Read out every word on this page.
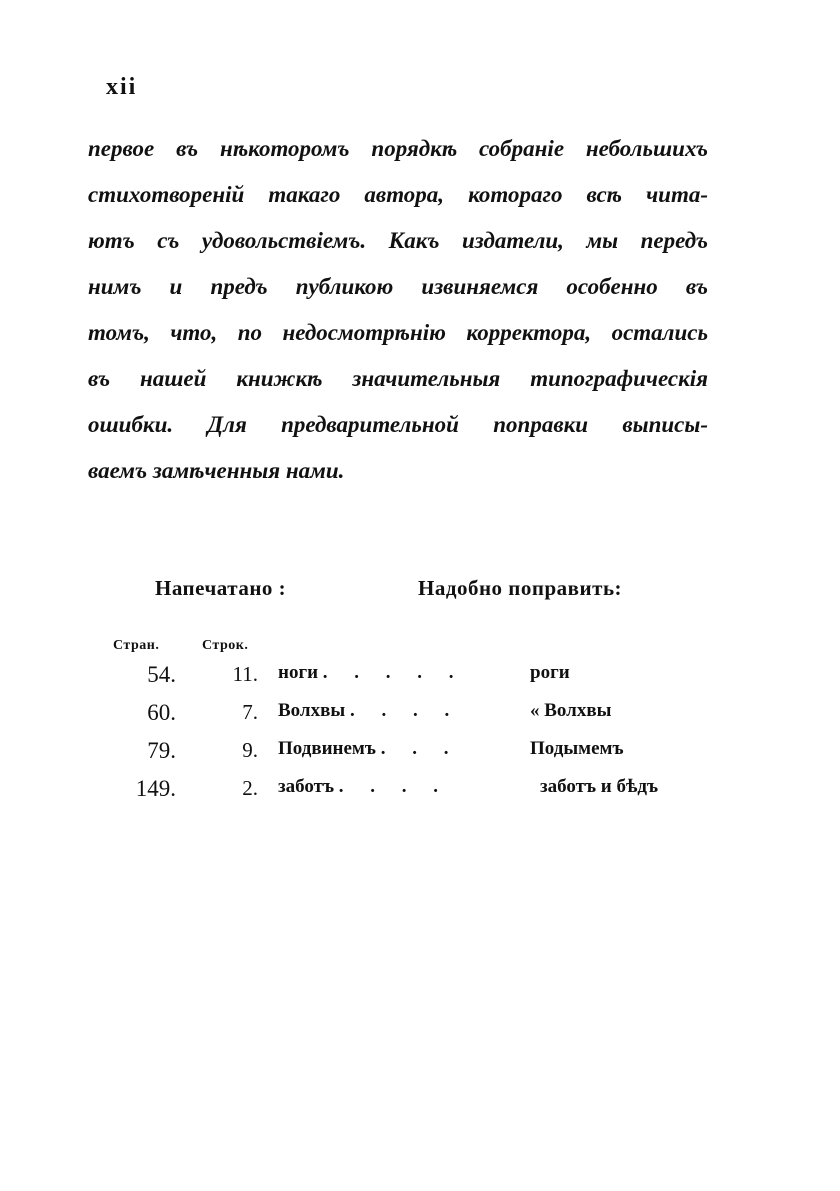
xii
первое въ нѣкоторомъ порядкѣ собраніе небольшихъ
стихотвореній такаго автора, котораго всѣ чита-
ютъ съ удовольствіемъ. Какъ издатели, мы передъ
нимъ и предъ публикою извиняемся особенно въ
томъ, что, по недосмотрѣнію корректора, остались
въ нашей книжкѣ значительныя типографическія
ошибки. Для предварительной поправки выписы-
ваемъ замѣченныя нами.
Напечатано :	Надобно поправить:
Стран.	Строк.
54.	11. ноги . . . . .	роги
60.	7. Волхвы . . . .	« Волхвы
79.	9. Подвинемъ . . .	Подымемъ
149.	2. заботъ . . . .	заботъ и бѣдъ
